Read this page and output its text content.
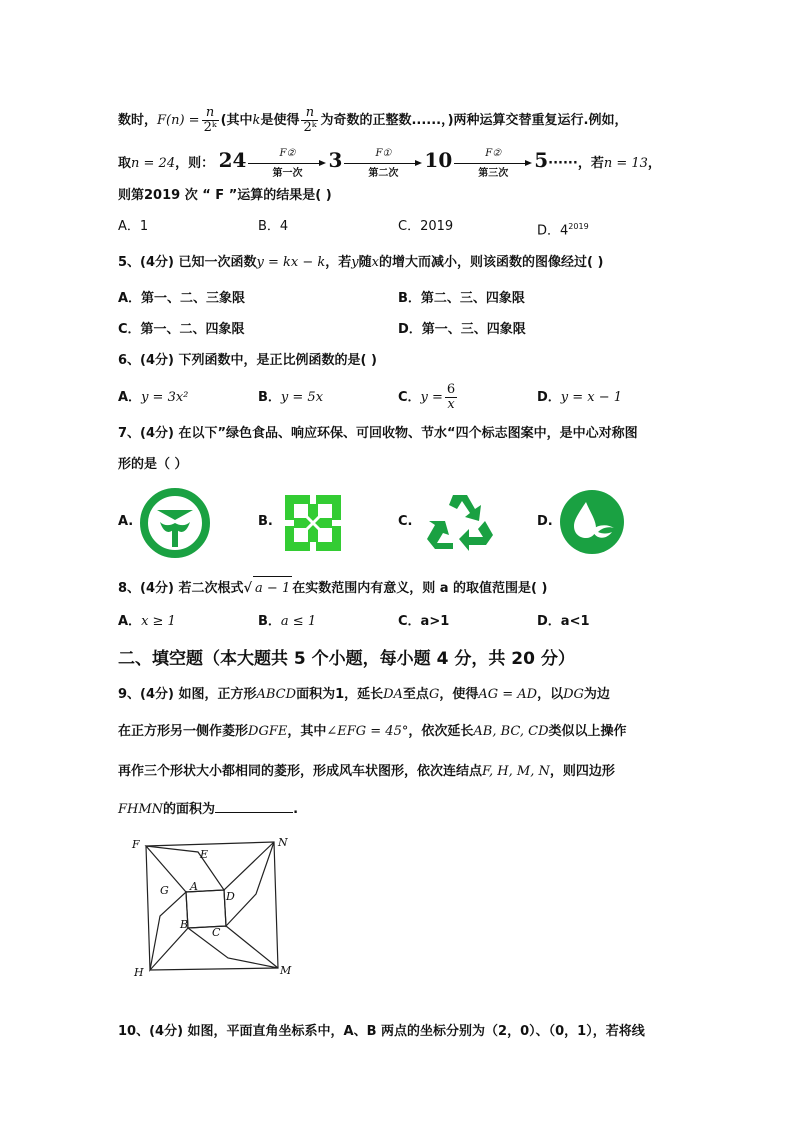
数时，$F(n) = \frac{n}{\text{2ᵏ}}$ (其中k是使得 $\frac{n}{\text{2ᵏ}}$ 为奇数的正整数......，)两种运算交替重复运行.例如，
取n = 24，则： 24	F②
第一次
3	F①
第二次
10	F②
第三次
5······，若n = 13，
则第2019 次 “ F ”运算的结果是( )
A．1	B．4	C．2019	D．$4^{2019}$
5、(4分) 已知一次函数y = kx − k，若y随x的增大而减小，则该函数的图像经过( )
A．第一、二、三象限	B．第二、三、四象限
C．第一、二、四象限	D．第一、三、四象限
6、(4分) 下列函数中，是正比例函数的是( )
A．y = 3x²	B．y = 5x	C．$y = \frac{6}{x}$	D．y = x − 1
7、(4分) 在以下”绿色食品、响应环保、可回收物、节水“四个标志图案中，是中心对称图
形的是（ ）
A.	B.	C.	D.
8、(4分) 若二次根式√ a − 1 在实数范围内有意义，则 a 的取值范围是( )
A．x ≥ 1	B．a ≤ 1	C．a>1	D．a<1
二、填空题（本大题共 5 个小题，每小题 4 分，共 20 分）
9、(4分) 如图，正方形ABCD面积为1，延长DA至点G，使得AG = AD，以DG为边
在正方形另一侧作菱形DGFE，其中∠EFG = 45°，依次延长AB, BC, CD类似以上操作
再作三个形状大小都相同的菱形，形成风车状图形，依次连结点F, H, M, N，则四边形
FHMN的面积为	.
F	N
E
G A
D
B
C
H	M
10、(4分) 如图，平面直角坐标系中，A、B 两点的坐标分别为（2，0）、（0，1），若将线
